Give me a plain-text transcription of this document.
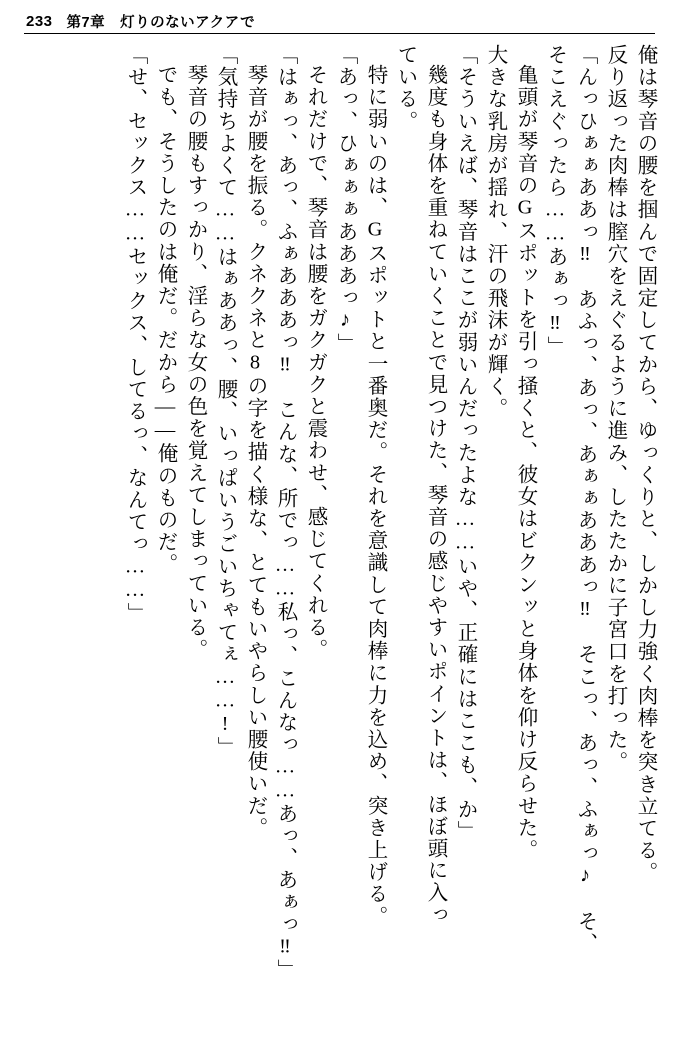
233 第7章　灯りのないアクアで
俺は琴音の腰を掴んで固定してから、ゆっくりと、しかし力強く肉棒を突き立てる。
反り返った肉棒は膣穴をえぐるように進み、したたかに子宮口を打った。
「んっひぁぁああっ‼　あふっ、あっ、あぁぁあああっ‼　そこっ、あっ、ふぁっ♪　そ、
そこえぐったら……あぁっ‼」
亀頭が琴音のGスポットを引っ掻くと、彼女はビクンッと身体を仰け反らせた。
大きな乳房が揺れ、汗の飛沫が輝く。
「そういえば、琴音はここが弱いんだったよな……いや、正確にはここも、か」
幾度も身体を重ねていくことで見つけた、琴音の感じやすいポイントは、ほぼ頭に入っ
ている。
特に弱いのは、Gスポットと一番奥だ。それを意識して肉棒に力を込め、突き上げる。
「あっ、ひぁぁぁあああっ♪」
それだけで、琴音は腰をガクガクと震わせ、感じてくれる。
「はぁっ、あっ、ふぁあああっ‼　こんな、所でっ……私っ、こんなっ……あっ、あぁっ‼」
琴音が腰を振る。クネクネと8の字を描く様な、とてもいやらしい腰使いだ。
「気持ちよくて……はぁああっ、腰、いっぱいうごいちゃてぇ……!」
琴音の腰もすっかり、淫らな女の色を覚えてしまっている。
でも、そうしたのは俺だ。だから――俺のものだ。
「せ、セックス……セックス、してるっ、なんてっ……」
